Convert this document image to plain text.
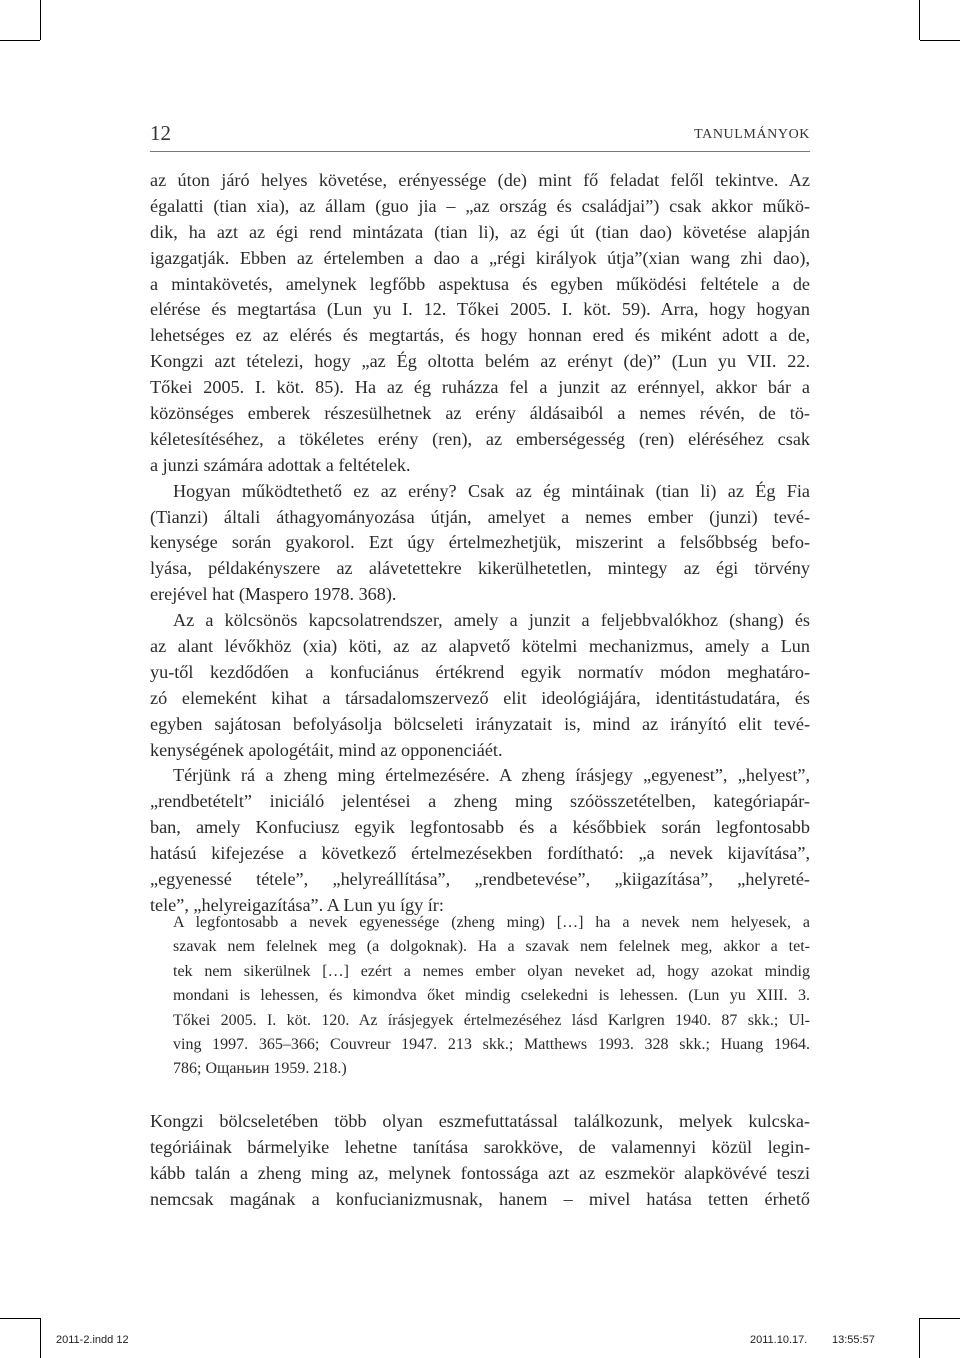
12	TANULMÁNYOK
az úton járó helyes követése, erényessége (de) mint fő feladat felől tekintve. Az
égalatti (tian xia), az állam (guo jia – „az ország és családjai”) csak akkor műkö-
dik, ha azt az égi rend mintázata (tian li), az égi út (tian dao) követése alapján
igazgatják. Ebben az értelemben a dao a „régi királyok útja”(xian wang zhi dao),
a mintakövetés, amelynek legfőbb aspektusa és egyben működési feltétele a de
elérése és megtartása (Lun yu I. 12. Tőkei 2005. I. köt. 59). Arra, hogy hogyan
lehetséges ez az elérés és megtartás, és hogy honnan ered és miként adott a de,
Kongzi azt tételezi, hogy „az Ég oltotta belém az erényt (de)” (Lun yu VII. 22.
Tőkei 2005. I. köt. 85). Ha az ég ruházza fel a junzit az erénnyel, akkor bár a
közönséges emberek részesülhetnek az erény áldásaiból a nemes révén, de tö-
kéletesítéséhez, a tökéletes erény (ren), az emberségesség (ren) eléréséhez csak
a junzi számára adottak a feltételek.
Hogyan működtethető ez az erény? Csak az ég mintáinak (tian li) az Ég Fia
(Tianzi) általi áthagyományozása útján, amelyet a nemes ember (junzi) tevé-
kenysége során gyakorol. Ezt úgy értelmezhetjük, miszerint a felsőbbség befo-
lyása, példakényszere az alávetettekre kikerülhetetlen, mintegy az égi törvény
erejével hat (Maspero 1978. 368).
Az a kölcsönös kapcsolatrendszer, amely a junzit a feljebbvalókhoz (shang) és
az alant lévőkhöz (xia) köti, az az alapvető kötelmi mechanizmus, amely a Lun
yu-től kezdődően a konfuciánus értékrend egyik normatív módon meghatáro-
zó elemeként kihat a társadalomszervező elit ideológiájára, identitástudatára, és
egyben sajátosan befolyásolja bölcseleti irányzatait is, mind az irányító elit tevé-
kenységének apologétáit, mind az opponenciáét.
Térjünk rá a zheng ming értelmezésére. A zheng írásjegy „egyenest”, „helyest”,
„rendbetételt” iniciáló jelentései a zheng ming szóösszetételben, kategóriapár-
ban, amely Konfuciusz egyik legfontosabb és a későbbiek során legfontosabb
hatású kifejezése a következő értelmezésekben fordítható: „a nevek kijavítása”,
„egyenessé tétele”, „helyreállítása”, „rendbetevése”, „kiigazítása”, „helyreté-
tele”, „helyreigazítása”. A Lun yu így ír:
A legfontosabb a nevek egyenessége (zheng ming) […] ha a nevek nem helyesek, a
szavak nem felelnek meg (a dolgoknak). Ha a szavak nem felelnek meg, akkor a tet-
tek nem sikerülnek […] ezért a nemes ember olyan neveket ad, hogy azokat mindig
mondani is lehessen, és kimondva őket mindig cselekedni is lehessen. (Lun yu XIII. 3.
Tőkei 2005. I. köt. 120. Az írásjegyek értelmezéséhez lásd Karlgren 1940. 87 skk.; Ul-
ving 1997. 365–366; Couvreur 1947. 213 skk.; Matthews 1993. 328 skk.; Huang 1964.
786; Ощаньин 1959. 218.)
Kongzi bölcseletében több olyan eszmefuttatással találkozunk, melyek kulcska-
tegóriáinak bármelyike lehetne tanítása sarokköve, de valamennyi közül legin-
kább talán a zheng ming az, melynek fontossága azt az eszmekör alapkövévé teszi
nemcsak magának a konfucianizmusnak, hanem – mivel hatása tetten érhető
2011-2.indd 12	2011.10.17. 13:55:57
